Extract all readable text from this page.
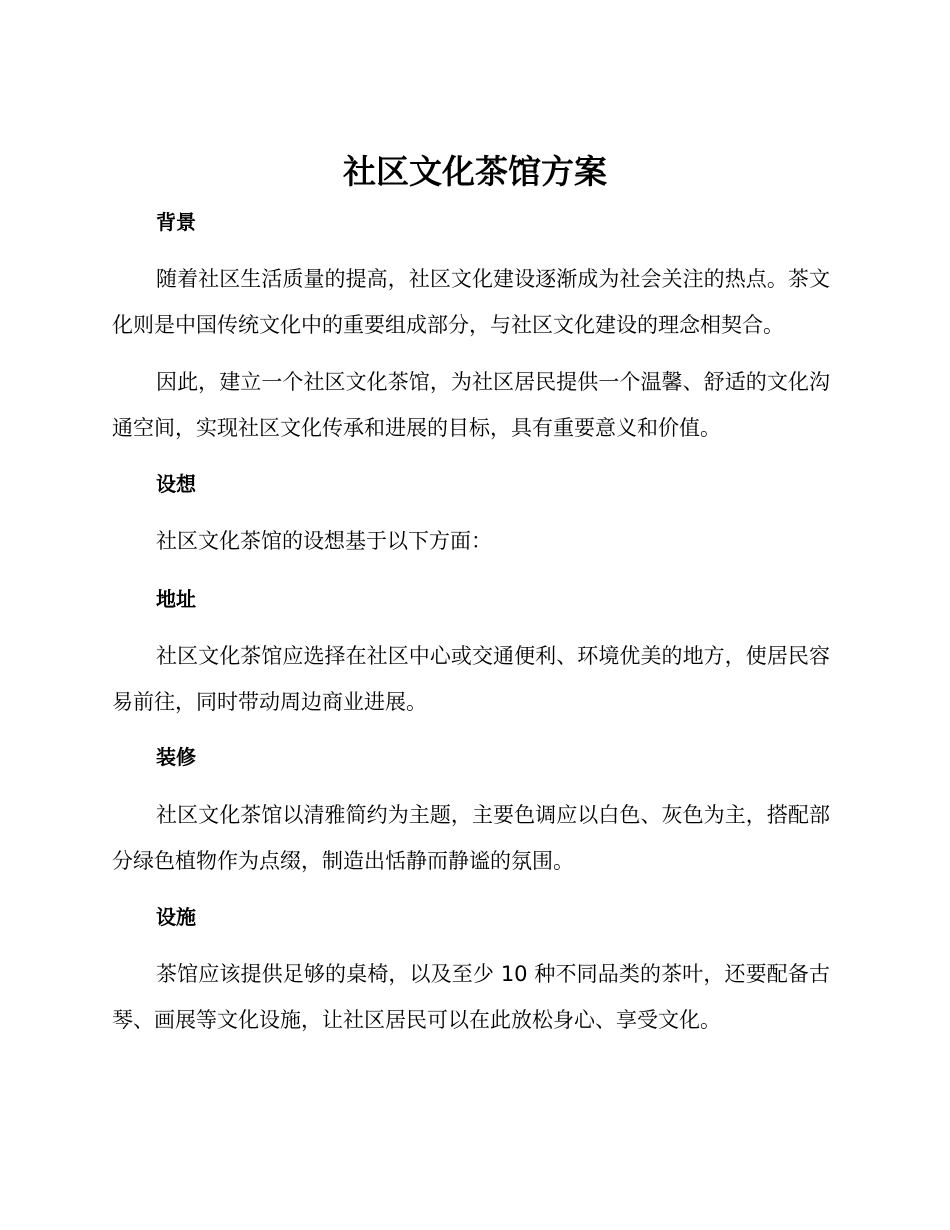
社区文化茶馆方案
背景
随着社区生活质量的提高，社区文化建设逐渐成为社会关注的热点。茶文化则是中国传统文化中的重要组成部分，与社区文化建设的理念相契合。
因此，建立一个社区文化茶馆，为社区居民提供一个温馨、舒适的文化沟通空间，实现社区文化传承和进展的目标，具有重要意义和价值。
设想
社区文化茶馆的设想基于以下方面：
地址
社区文化茶馆应选择在社区中心或交通便利、环境优美的地方，使居民容易前往，同时带动周边商业进展。
装修
社区文化茶馆以清雅简约为主题，主要色调应以白色、灰色为主，搭配部分绿色植物作为点缀，制造出恬静而静谧的氛围。
设施
茶馆应该提供足够的桌椅，以及至少 10 种不同品类的茶叶，还要配备古琴、画展等文化设施，让社区居民可以在此放松身心、享受文化。
